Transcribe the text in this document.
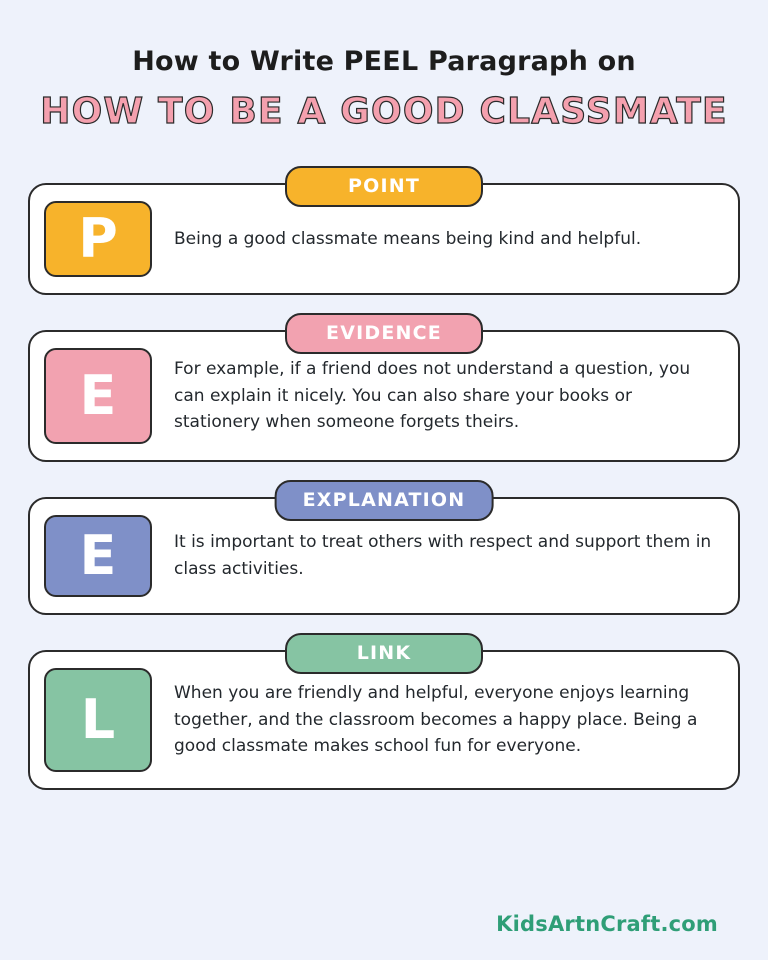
How to Write PEEL Paragraph on
HOW TO BE A GOOD CLASSMATE
POINT
P	Being a good classmate means being kind and helpful.
EVIDENCE
E	For example, if a friend does not understand a question, you can explain it nicely. You can also share your books or stationery when someone forgets theirs.
EXPLANATION
E	It is important to treat others with respect and support them in class activities.
LINK
L	When you are friendly and helpful, everyone enjoys learning together, and the classroom becomes a happy place. Being a good classmate makes school fun for everyone.
KidsArtnCraft.com
